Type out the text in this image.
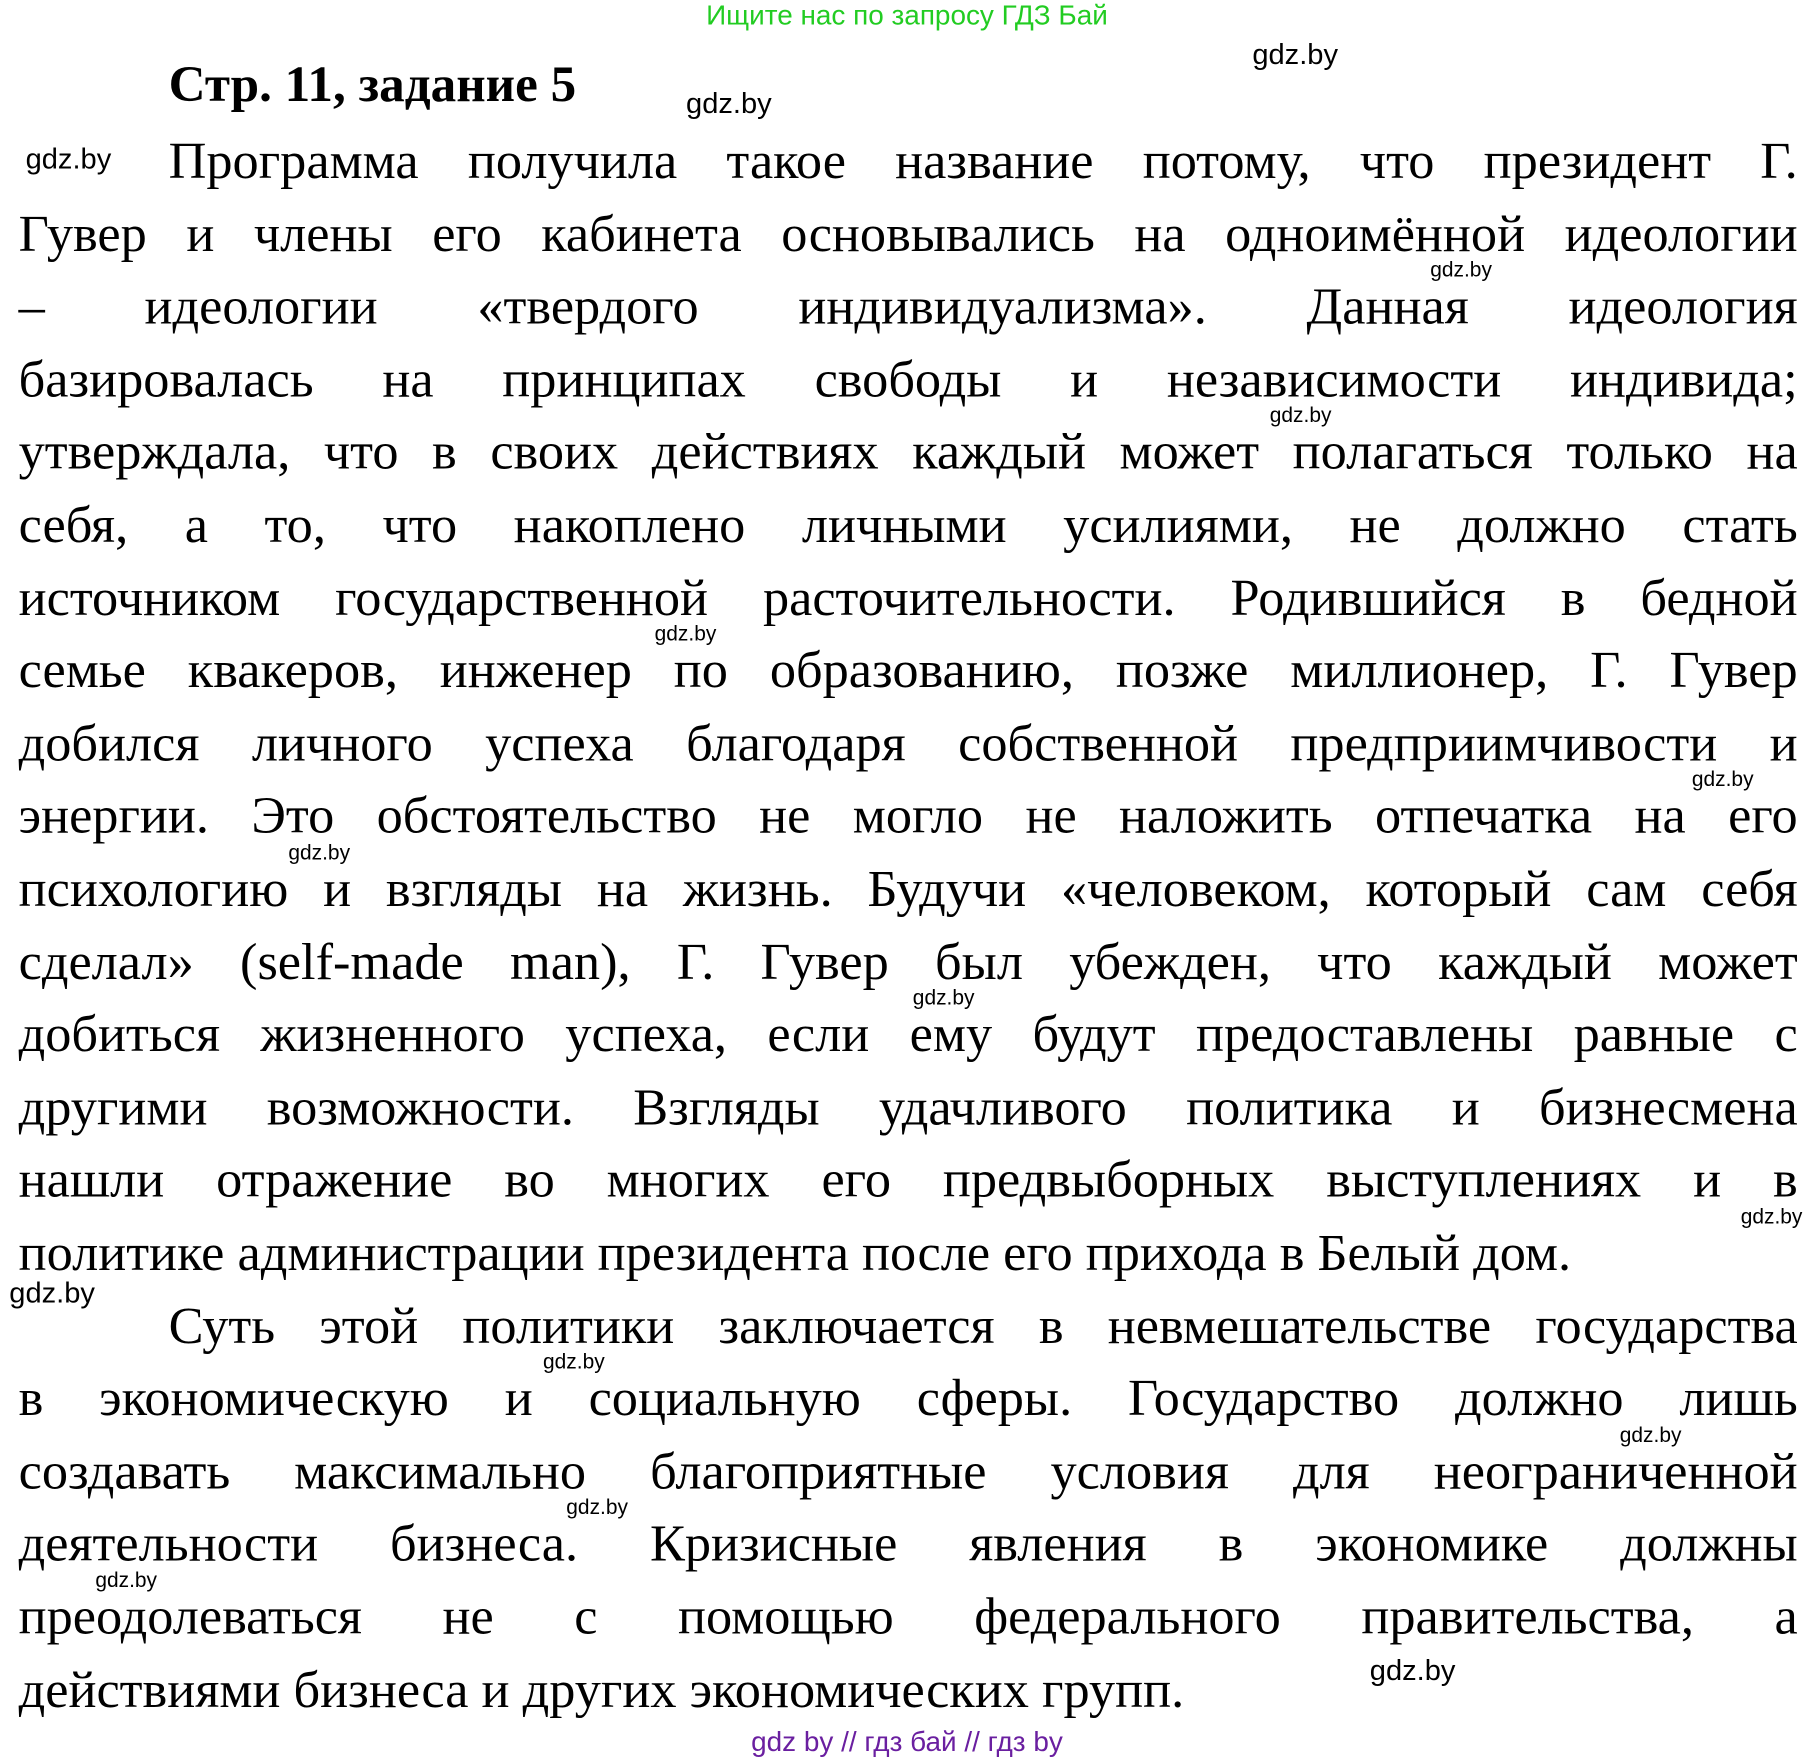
Ищите нас по запросу ГДЗ Бай
Стр. 11, задание 5
Программа получила такое название потому, что президент Г.
Гувер и члены его кабинета основывались на одноимённой идеологии
– идеологии «твердого индивидуализма». Данная идеология
базировалась на принципах свободы и независимости индивида;
утверждала, что в своих действиях каждый может полагаться только на
себя, а то, что накоплено личными усилиями, не должно стать
источником государственной расточительности. Родившийся в бедной
семье квакеров, инженер по образованию, позже миллионер, Г. Гувер
добился личного успеха благодаря собственной предприимчивости и
энергии. Это обстоятельство не могло не наложить отпечатка на его
психологию и взгляды на жизнь. Будучи «человеком, который сам себя
сделал» (self-made man), Г. Гувер был убежден, что каждый может
добиться жизненного успеха, если ему будут предоставлены равные с
другими возможности. Взгляды удачливого политика и бизнесмена
нашли отражение во многих его предвыборных выступлениях и в
политике администрации президента после его прихода в Белый дом.
Суть этой политики заключается в невмешательстве государства
в экономическую и социальную сферы. Государство должно лишь
создавать максимально благоприятные условия для неограниченной
деятельности бизнеса. Кризисные явления в экономике должны
преодолеваться не с помощью федерального правительства, а
действиями бизнеса и других экономических групп.
gdz.by
gdz.by
gdz.by
gdz.by
gdz.by
gdz.by
gdz.by
gdz.by
gdz.by
gdz.by
gdz.by
gdz.by
gdz.by
gdz.by
gdz.by
gdz.by
gdz by // гдз бай // гдз by
